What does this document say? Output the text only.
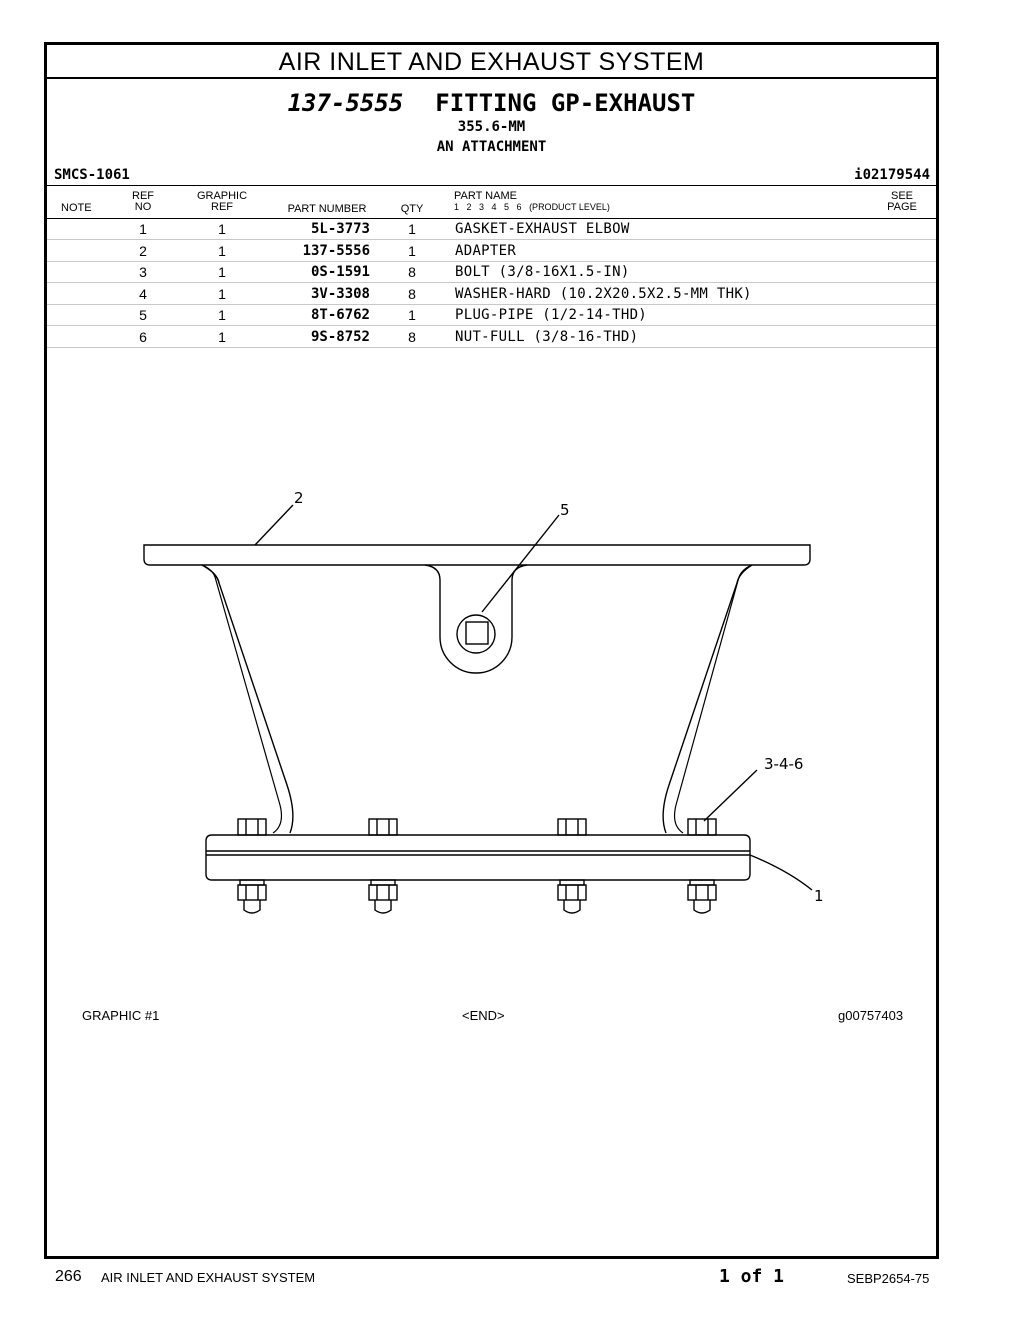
AIR INLET AND EXHAUST SYSTEM
137-5555 FITTING GP-EXHAUST
355.6-MM
AN ATTACHMENT
SMCS-1061	i02179544
NOTE
REF
NO
GRAPHIC
REF	PART NUMBER	QTY
PART NAME
1   2   3   4   5   6 (PRODUCT LEVEL)
SEE
PAGE
1	1	5L-3773	1	GASKET-EXHAUST ELBOW
2	1	137-5556	1	ADAPTER
3	1	0S-1591	8	BOLT (3/8-16X1.5-IN)
4	1	3V-3308	8	WASHER-HARD (10.2X20.5X2.5-MM THK)
5	1	8T-6762	1	PLUG-PIPE (1/2-14-THD)
6	1	9S-8752	8	NUT-FULL (3/8-16-THD)
2
5
3-4-6
1
GRAPHIC #1	<END>	g00757403
266 AIR INLET AND EXHAUST SYSTEM	1 of 1	SEBP2654-75
